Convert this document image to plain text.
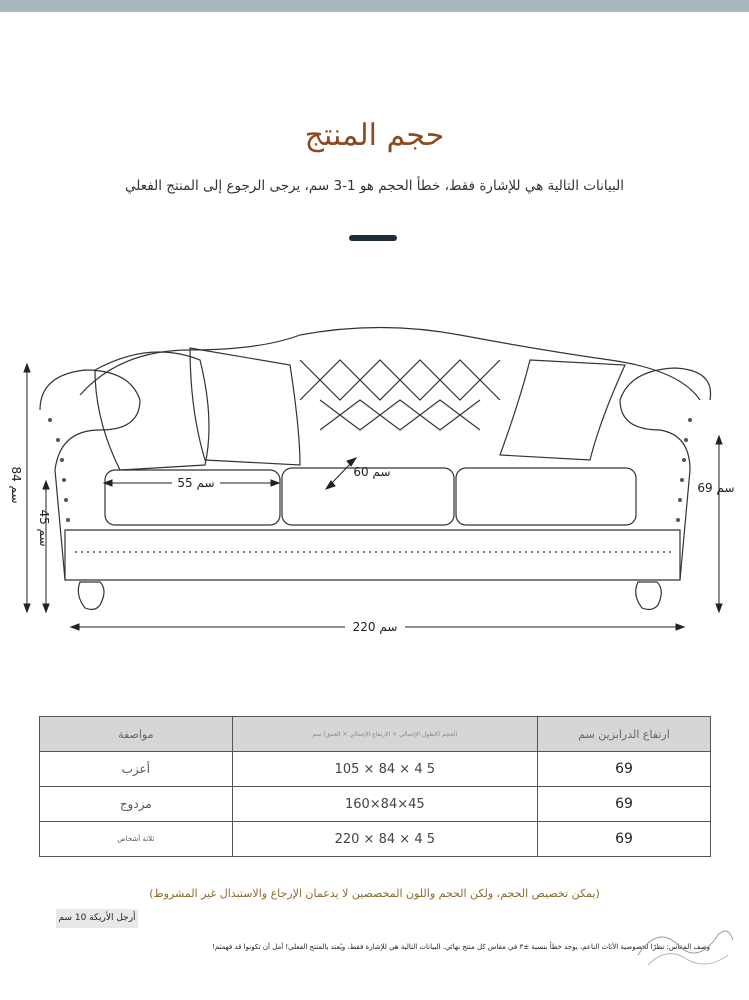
حجم المنتج
البيانات التالية هي للإشارة فقط، خطأ الحجم هو 1-3 سم، يرجى الرجوع إلى المنتج الفعلي
84 سم
45 سم
69 سم
55 سم
60 سم
220 سم
ارتفاع الدرابزين سم	الحجم (الطول الإجمالي × الارتفاع الإجمالي × العمق) سم	مواصفة
69	5 4 × 84 × 105	أعزب
69	45×84×160	مزدوج
69	5 4 × 84 × 220	ثلاثة أشخاص
(يمكن تخصيص الحجم، ولكن الحجم واللون المخصصين لا يدعمان الإرجاع والاستبدال غير المشروط)
أرجل الأريكة 10 سم
وصف المقاس: نظرًا لخصوصية الأثاث الناعم، يوجد خطأ بنسبة ±٣ في مقاس كل منتج نهائي. البيانات التالية هي للإشارة فقط، ويُعتد بالمنتج الفعلي! أمل أن تكونوا قد فهمتم!
